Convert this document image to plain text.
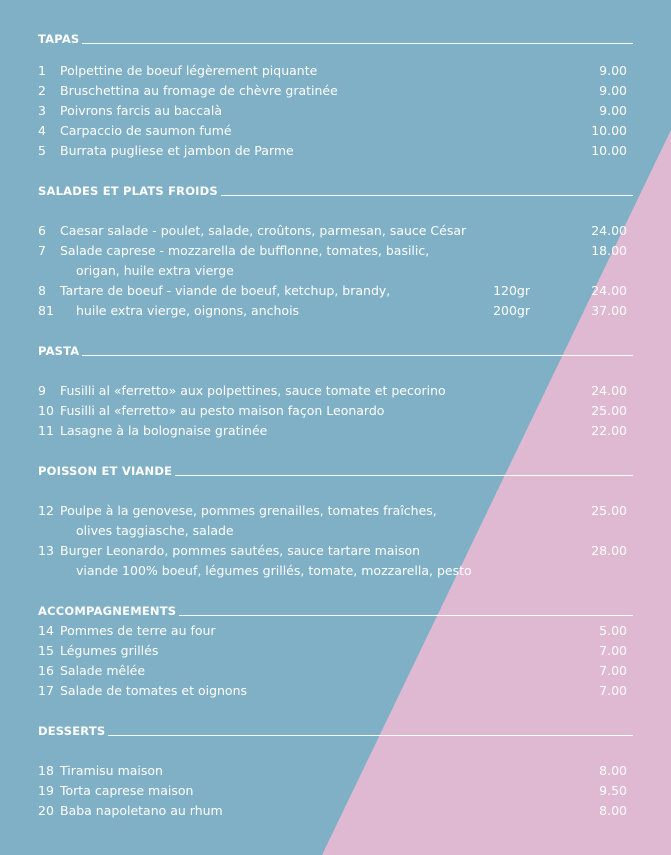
TAPAS
1 Polpettine de boeuf légèrement piquante	9.00
2 Bruschettina au fromage de chèvre gratinée	9.00
3 Poivrons farcis au baccalà	9.00
4 Carpaccio de saumon fumé	10.00
5 Burrata pugliese et jambon de Parme	10.00
SALADES ET PLATS FROIDS
6 Caesar salade - poulet, salade, croûtons, parmesan, sauce César	24.00
7 Salade caprese - mozzarella de bufflonne, tomates, basilic,	18.00
origan, huile extra vierge
8 Tartare de boeuf - viande de boeuf, ketchup, brandy,	120gr	24.00
81 huile extra vierge, oignons, anchois	200gr	37.00
PASTA
9 Fusilli al «ferretto» aux polpettines, sauce tomate et pecorino	24.00
10 Fusilli al «ferretto» au pesto maison façon Leonardo	25.00
11 Lasagne à la bolognaise gratinée	22.00
POISSON ET VIANDE
12 Poulpe à la genovese, pommes grenailles, tomates fraîches,	25.00
olives taggiasche, salade
13 Burger Leonardo, pommes sautées, sauce tartare maison	28.00
viande 100% boeuf, légumes grillés, tomate, mozzarella, pesto
ACCOMPAGNEMENTS
14 Pommes de terre au four	5.00
15 Légumes grillés	7.00
16 Salade mêlée	7.00
17 Salade de tomates et oignons	7.00
DESSERTS
18 Tiramisu maison	8.00
19 Torta caprese maison	9.50
20 Baba napoletano au rhum	8.00
